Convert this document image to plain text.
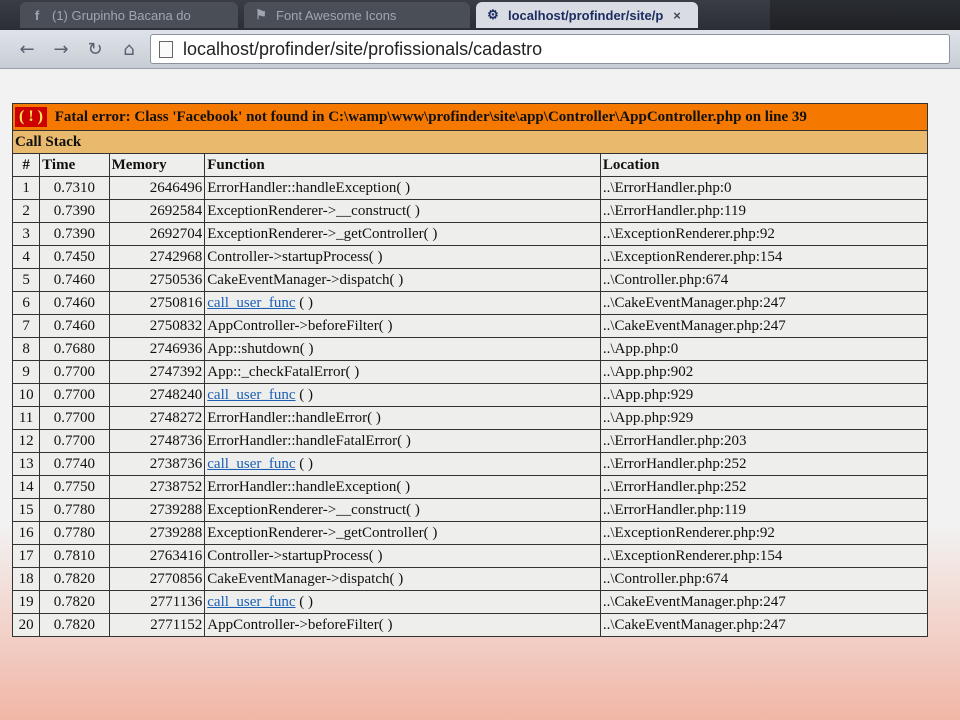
f (1) Grupinho Bacana do	⚑ Font Awesome Icons	⚙ localhost/profinder/site/p ×
← → ↻ ⌂	localhost/profinder/site/profissionals/cadastro
( ! ) Fatal error: Class 'Facebook' not found in C:\wamp\www\profinder\site\app\Controller\AppController.php on line 39				
Call Stack				
#	Time	Memory	Function	Location
1	0.7310	2646496	ErrorHandler::handleException( )	..\ErrorHandler.php:0
2	0.7390	2692584	ExceptionRenderer->__construct( )	..\ErrorHandler.php:119
3	0.7390	2692704	ExceptionRenderer->_getController( )	..\ExceptionRenderer.php:92
4	0.7450	2742968	Controller->startupProcess( )	..\ExceptionRenderer.php:154
5	0.7460	2750536	CakeEventManager->dispatch( )	..\Controller.php:674
6	0.7460	2750816	call_user_func ( )	..\CakeEventManager.php:247
7	0.7460	2750832	AppController->beforeFilter( )	..\CakeEventManager.php:247
8	0.7680	2746936	App::shutdown( )	..\App.php:0
9	0.7700	2747392	App::_checkFatalError( )	..\App.php:902
10	0.7700	2748240	call_user_func ( )	..\App.php:929
11	0.7700	2748272	ErrorHandler::handleError( )	..\App.php:929
12	0.7700	2748736	ErrorHandler::handleFatalError( )	..\ErrorHandler.php:203
13	0.7740	2738736	call_user_func ( )	..\ErrorHandler.php:252
14	0.7750	2738752	ErrorHandler::handleException( )	..\ErrorHandler.php:252
15	0.7780	2739288	ExceptionRenderer->__construct( )	..\ErrorHandler.php:119
16	0.7780	2739288	ExceptionRenderer->_getController( )	..\ExceptionRenderer.php:92
17	0.7810	2763416	Controller->startupProcess( )	..\ExceptionRenderer.php:154
18	0.7820	2770856	CakeEventManager->dispatch( )	..\Controller.php:674
19	0.7820	2771136	call_user_func ( )	..\CakeEventManager.php:247
20	0.7820	2771152	AppController->beforeFilter( )	..\CakeEventManager.php:247
